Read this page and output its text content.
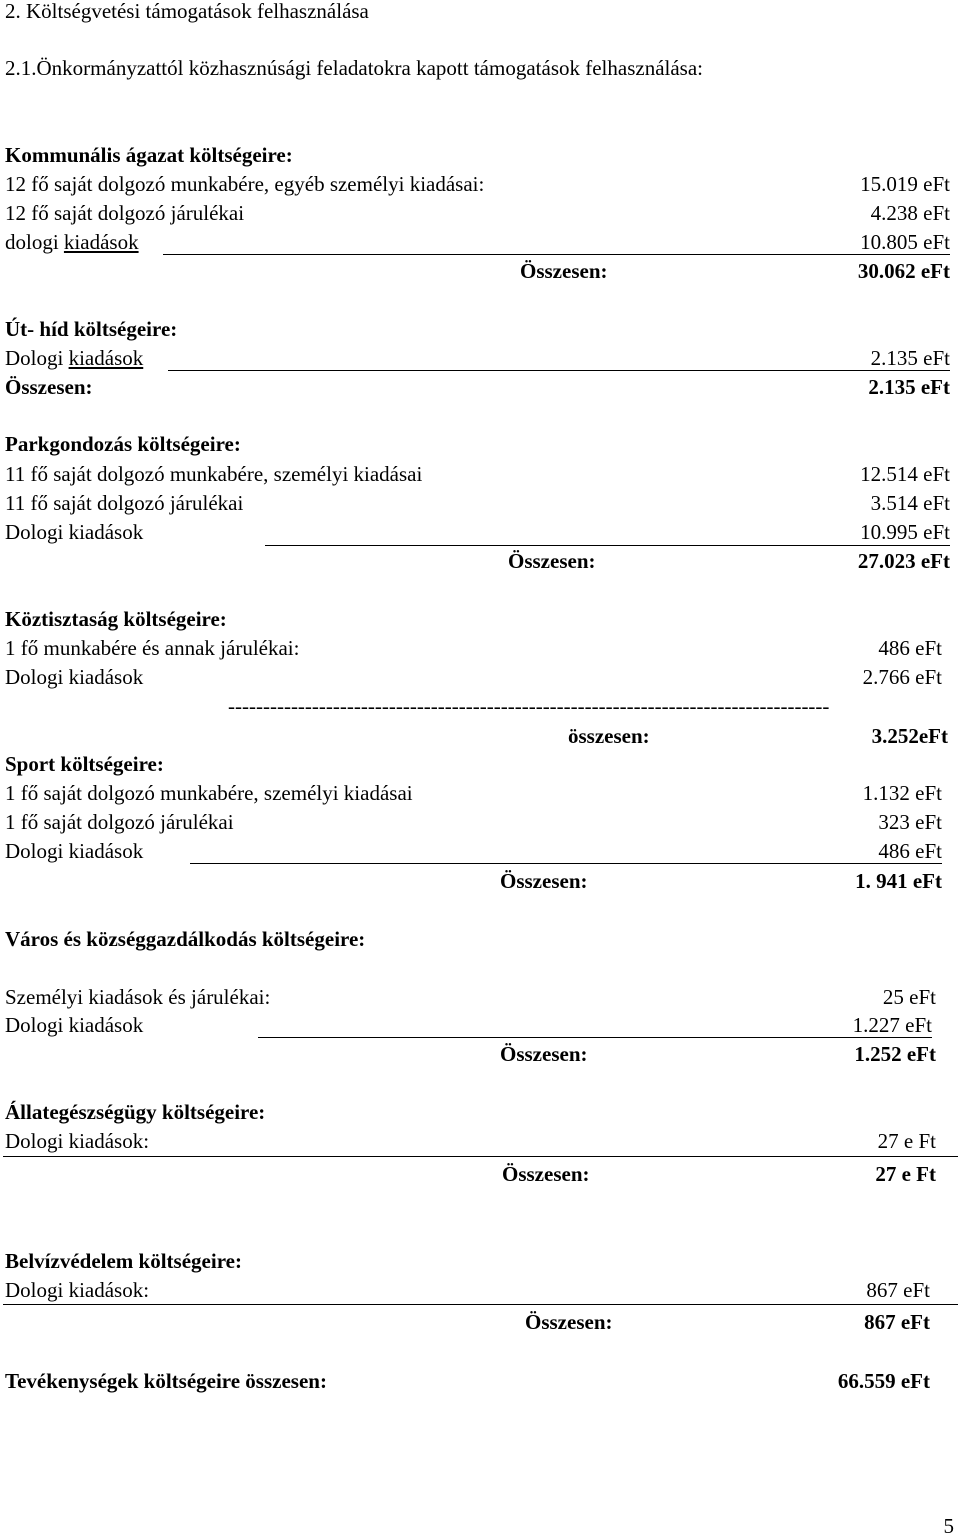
2. Költségvetési támogatások felhasználása
2.1.Önkormányzattól közhasznúsági feladatokra kapott támogatások felhasználása:
Kommunális ágazat költségeire:
12 fő saját dolgozó munkabére, egyéb személyi kiadásai:	15.019 eFt
12 fő saját dolgozó járulékai	4.238 eFt
dologi kiadások	10.805 eFt
Összesen:	30.062 eFt
Út- híd költségeire:
Dologi kiadások	2.135 eFt
Összesen:	2.135 eFt
Parkgondozás költségeire:
11 fő saját dolgozó munkabére, személyi kiadásai	12.514 eFt
11 fő saját dolgozó járulékai	3.514 eFt
Dologi kiadások	10.995 eFt
Összesen:	27.023 eFt
Köztisztaság költségeire:
1 fő munkabére és annak járulékai:	486 eFt
Dologi kiadások	2.766 eFt
--------------------------------------------------------------------------------------
összesen:	3.252eFt
Sport költségeire:
1 fő saját dolgozó munkabére, személyi kiadásai	1.132 eFt
1 fő saját dolgozó járulékai	323 eFt
Dologi kiadások	486 eFt
Összesen:	1. 941 eFt
Város és községgazdálkodás költségeire:
Személyi kiadások és járulékai:	25 eFt
Dologi kiadások	1.227 eFt
Összesen:	1.252 eFt
Állategészségügy költségeire:
Dologi kiadások:	27 e Ft
Összesen:	27 e Ft
Belvízvédelem költségeire:
Dologi kiadások:	867 eFt
Összesen:	867 eFt
Tevékenységek költségeire összesen:	66.559 eFt
5
